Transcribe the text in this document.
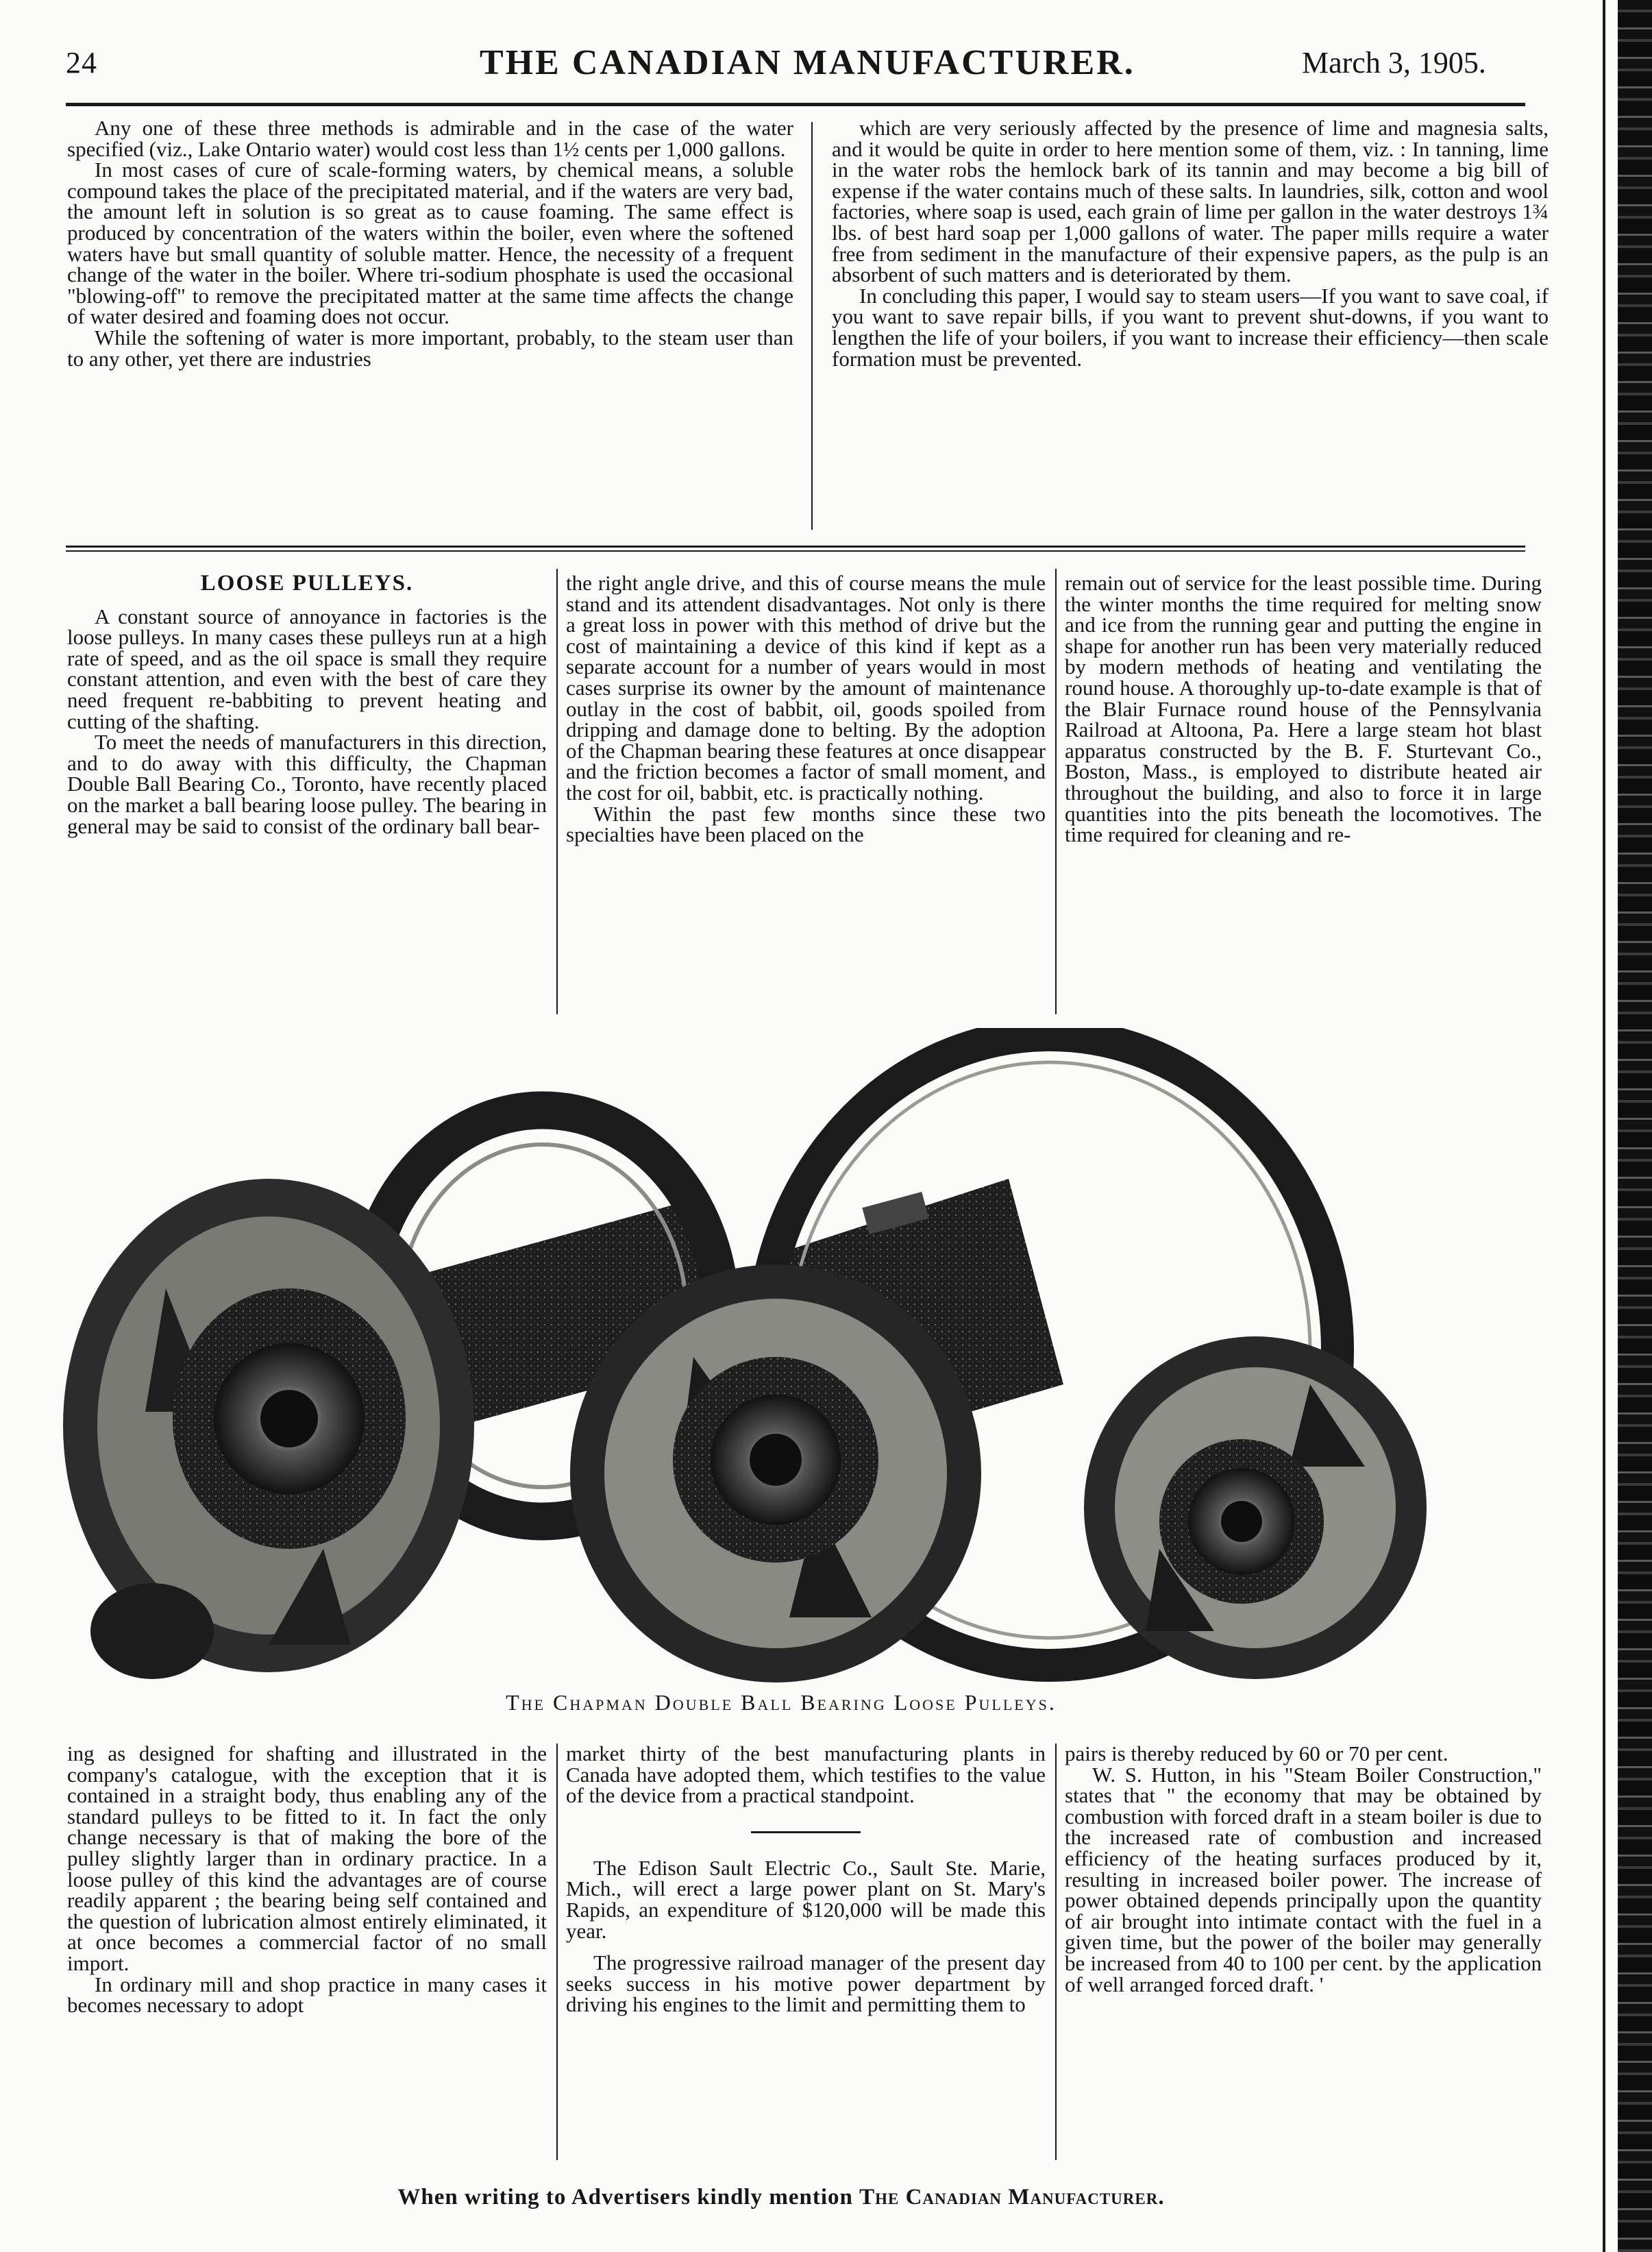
24	THE CANADIAN MANUFACTURER.	March 3, 1905.

Any one of these three methods is admirable and in the case of the water specified (viz., Lake Ontario water) would cost less than 1½ cents per 1,000 gallons.

In most cases of cure of scale-forming waters, by chemical means, a soluble compound takes the place of the precipitated material, and if the waters are very bad, the amount left in solution is so great as to cause foaming. The same effect is produced by concentration of the waters within the boiler, even where the softened waters have but small quantity of soluble matter. Hence, the necessity of a frequent change of the water in the boiler. Where tri-sodium phosphate is used the occasional "blowing-off" to remove the precipitated matter at the same time affects the change of water desired and foaming does not occur.

While the softening of water is more important, probably, to the steam user than to any other, yet there are industries

which are very seriously affected by the presence of lime and magnesia salts, and it would be quite in order to here mention some of them, viz. : In tanning, lime in the water robs the hemlock bark of its tannin and may become a big bill of expense if the water contains much of these salts. In laundries, silk, cotton and wool factories, where soap is used, each grain of lime per gallon in the water destroys 1¾ lbs. of best hard soap per 1,000 gallons of water. The paper mills require a water free from sediment in the manufacture of their expensive papers, as the pulp is an absorbent of such matters and is deteriorated by them.

In concluding this paper, I would say to steam users—If you want to save coal, if you want to save repair bills, if you want to prevent shut-downs, if you want to lengthen the life of your boilers, if you want to increase their efficiency—then scale formation must be prevented.

LOOSE PULLEYS.

A constant source of annoyance in factories is the loose pulleys. In many cases these pulleys run at a high rate of speed, and as the oil space is small they require constant attention, and even with the best of care they need frequent re-babbiting to prevent heating and cutting of the shafting.

To meet the needs of manufacturers in this direction, and to do away with this difficulty, the Chapman Double Ball Bearing Co., Toronto, have recently placed on the market a ball bearing loose pulley. The bearing in general may be said to consist of the ordinary ball bear-

the right angle drive, and this of course means the mule stand and its attendent disadvantages. Not only is there a great loss in power with this method of drive but the cost of maintaining a device of this kind if kept as a separate account for a number of years would in most cases surprise its owner by the amount of maintenance outlay in the cost of babbit, oil, goods spoiled from dripping and damage done to belting. By the adoption of the Chapman bearing these features at once disappear and the friction becomes a factor of small moment, and the cost for oil, babbit, etc. is practically nothing.

Within the past few months since these two specialties have been placed on the

remain out of service for the least possible time. During the winter months the time required for melting snow and ice from the running gear and putting the engine in shape for another run has been very materially reduced by modern methods of heating and ventilating the round house. A thoroughly up-to-date example is that of the Blair Furnace round house of the Pennsylvania Railroad at Altoona, Pa. Here a large steam hot blast apparatus constructed by the B. F. Sturtevant Co., Boston, Mass., is employed to distribute heated air throughout the building, and also to force it in large quantities into the pits beneath the locomotives. The time required for cleaning and re-

The Chapman Double Ball Bearing Loose Pulleys.

ing as designed for shafting and illustrated in the company's catalogue, with the exception that it is contained in a straight body, thus enabling any of the standard pulleys to be fitted to it. In fact the only change necessary is that of making the bore of the pulley slightly larger than in ordinary practice. In a loose pulley of this kind the advantages are of course readily apparent ; the bearing being self contained and the question of lubrication almost entirely eliminated, it at once becomes a commercial factor of no small import.

In ordinary mill and shop practice in many cases it becomes necessary to adopt

market thirty of the best manufacturing plants in Canada have adopted them, which testifies to the value of the device from a practical standpoint.

The Edison Sault Electric Co., Sault Ste. Marie, Mich., will erect a large power plant on St. Mary's Rapids, an expenditure of $120,000 will be made this year.

The progressive railroad manager of the present day seeks success in his motive power department by driving his engines to the limit and permitting them to

pairs is thereby reduced by 60 or 70 per cent.

W. S. Hutton, in his "Steam Boiler Construction," states that " the economy that may be obtained by combustion with forced draft in a steam boiler is due to the increased rate of combustion and increased efficiency of the heating surfaces produced by it, resulting in increased boiler power. The increase of power obtained depends principally upon the quantity of air brought into intimate contact with the fuel in a given time, but the power of the boiler may generally be increased from 40 to 100 per cent. by the application of well arranged forced draft. '

When writing to Advertisers kindly mention The Canadian Manufacturer.
